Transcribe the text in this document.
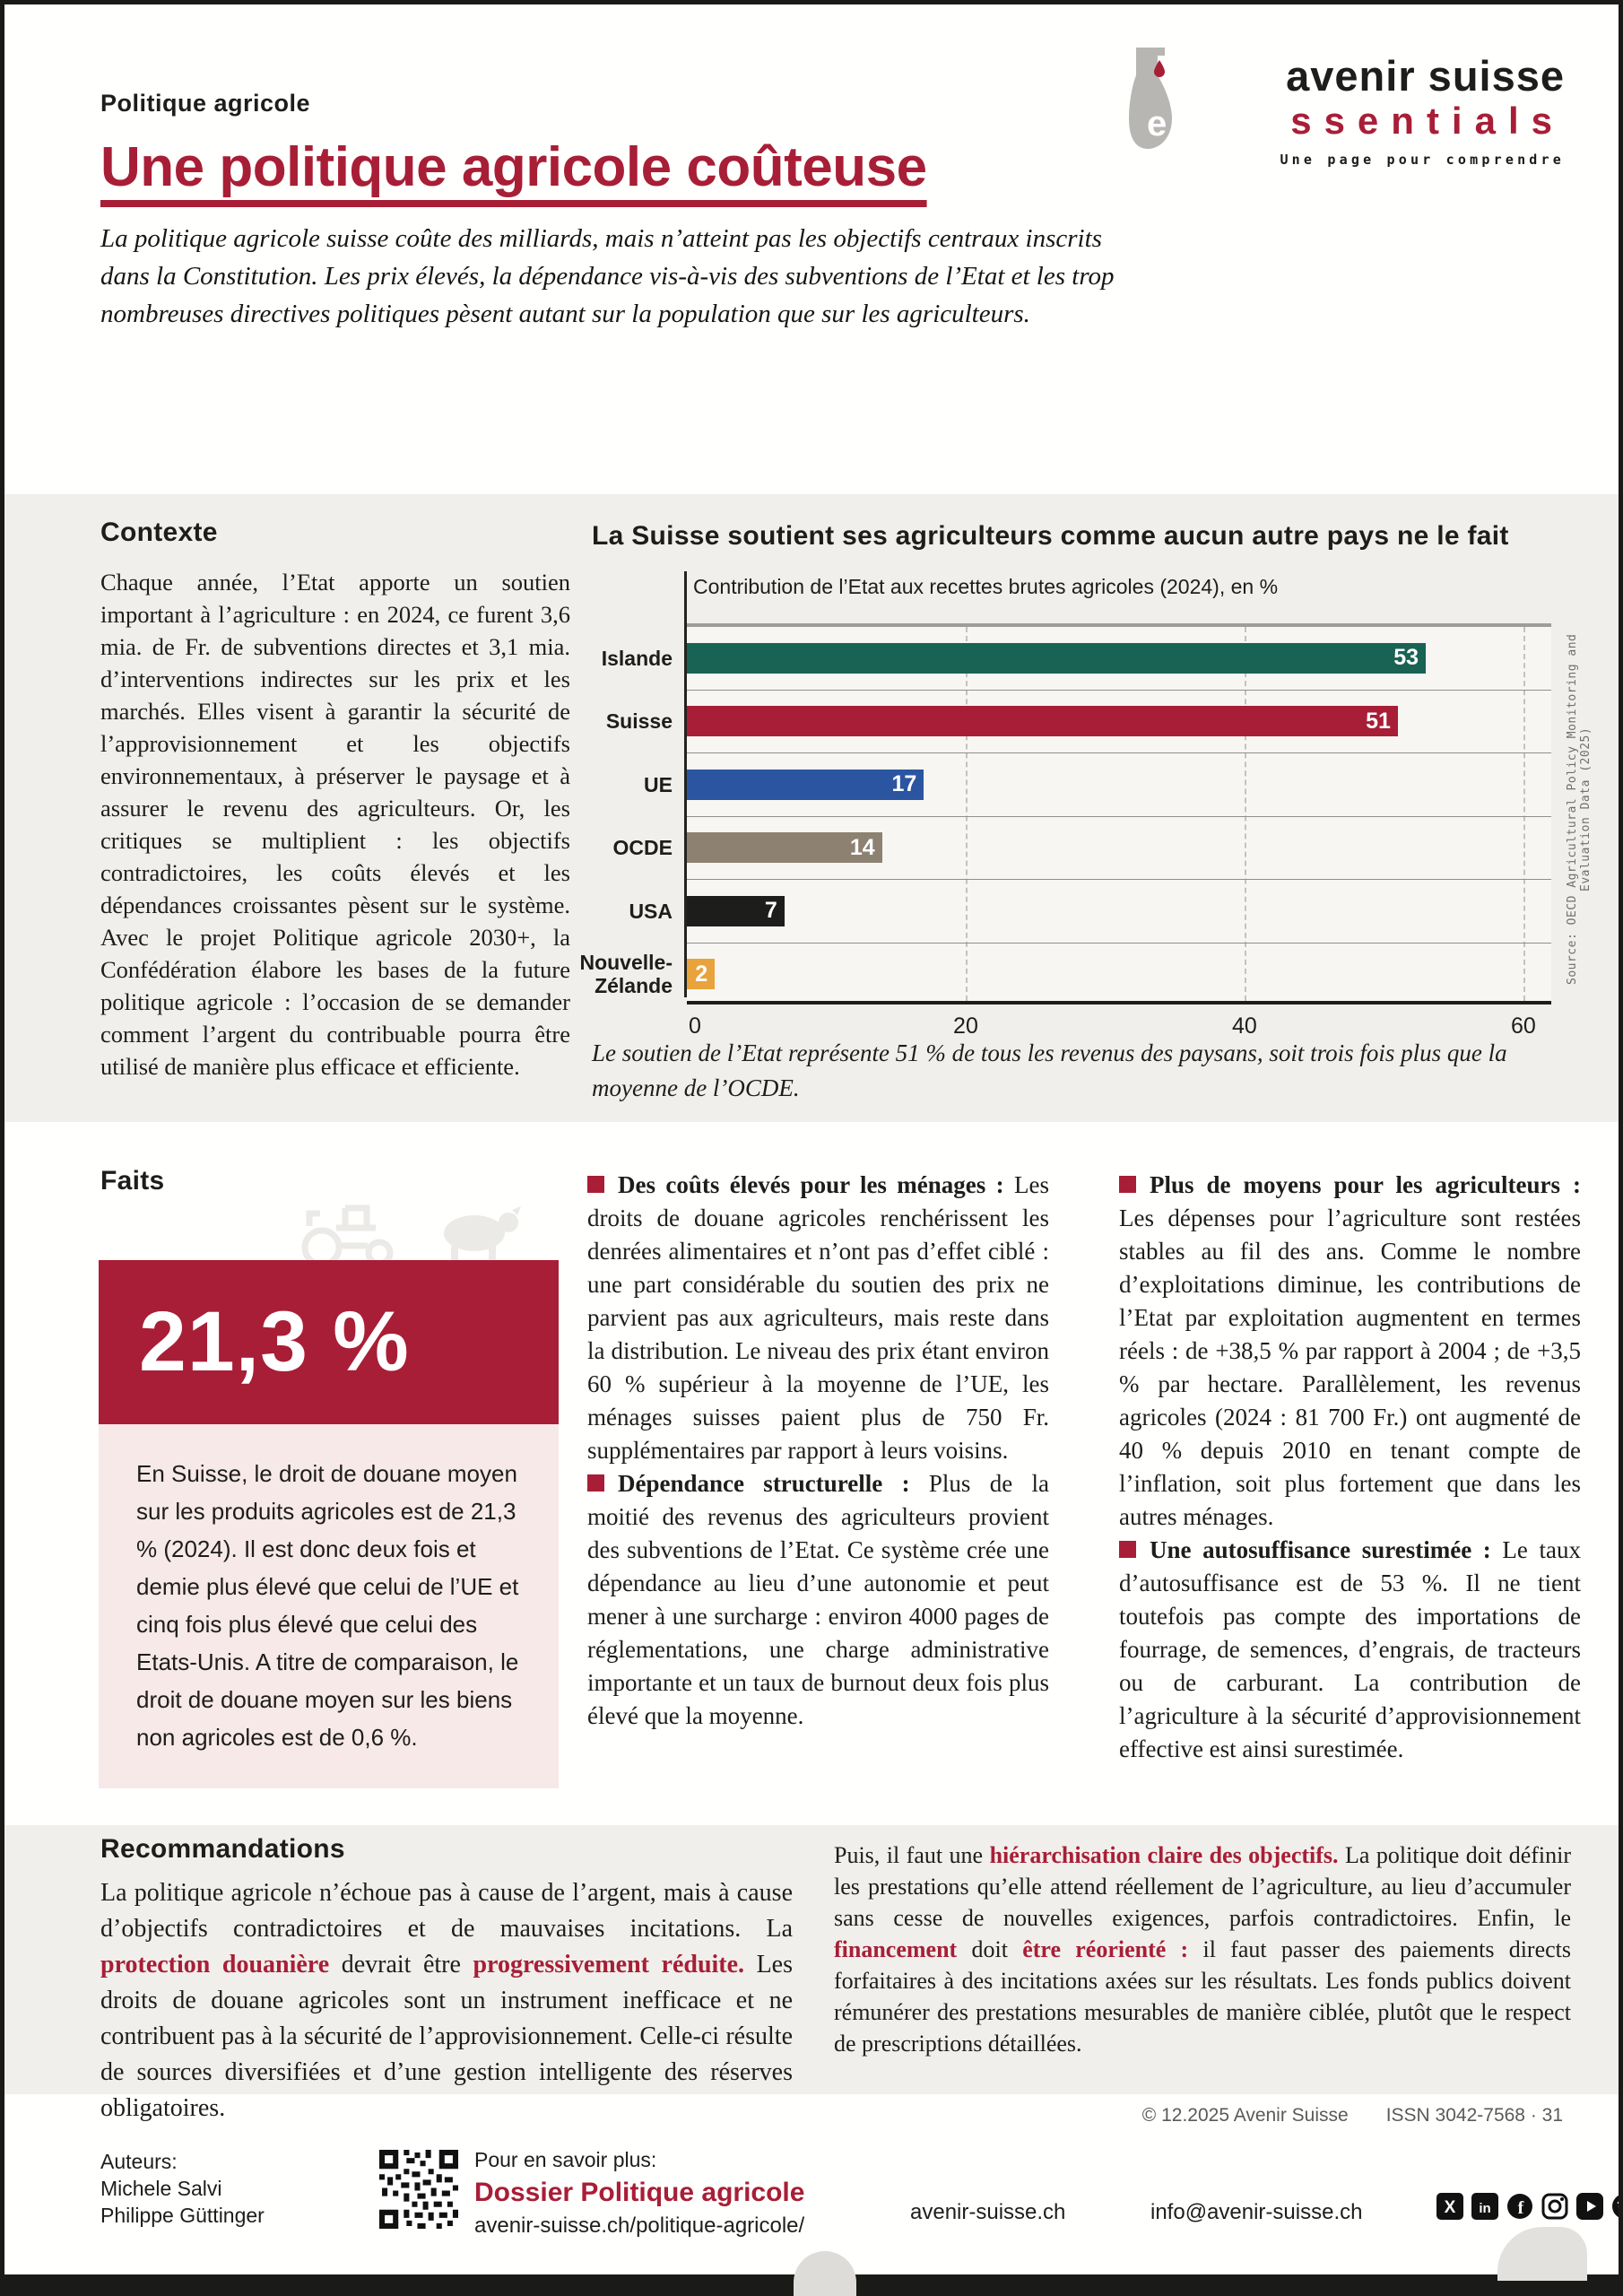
Politique agricole
e
avenir suisse
ssentials
Une page pour comprendre
Une politique agricole coûteuse

La politique agricole suisse coûte des milliards, mais n’atteint pas les objectifs centraux inscrits dans la Constitution. Les prix élevés, la dépendance vis-à-vis des subventions de l’Etat et les trop nombreuses directives politiques pèsent autant sur la population que sur les agriculteurs.

Contexte
Chaque année, l’Etat apporte un soutien important à l’agriculture : en 2024, ce furent 3,6 mia. de Fr. de subventions directes et 3,1 mia. d’interventions indirectes sur les prix et les marchés. Elles visent à garantir la sécurité de l’approvisionnement et les objectifs environnementaux, à préserver le paysage et à assurer le revenu des agriculteurs. Or, les critiques se multiplient : les objectifs contradictoires, les coûts élevés et les dépendances croissantes pèsent sur le système. Avec le projet Politique agricole 2030+, la Confédération élabore les bases de la future politique agricole : l’occasion de se demander comment l’argent du contribuable pourra être utilisé de manière plus efficace et efficiente.
La Suisse soutient ses agriculteurs comme aucun autre pays ne le fait
Contribution de l’Etat aux recettes brutes agricoles (2024), en %
Islande	53
Suisse	51
UE	17
OCDE	14
USA	7
Nouvelle-Zélande 2
0	20	40	60
Source: OECD Agricultural Policy Monitoring and Evaluation Data (2025)
Le soutien de l’Etat représente 51 % de tous les revenus des paysans, soit trois fois plus que la moyenne de l’OCDE.
Faits
21,3 %
En Suisse, le droit de douane moyen sur les produits agricoles est de 21,3 % (2024). Il est donc deux fois et demie plus élevé que celui de l’UE et cinq fois plus élevé que celui des Etats-Unis. A titre de comparaison, le droit de douane moyen sur les biens non agricoles est de 0,6 %.

Des coûts élevés pour les ménages : Les droits de douane agricoles renchérissent les denrées alimentaires et n’ont pas d’effet ciblé : une part considérable du soutien des prix ne parvient pas aux agriculteurs, mais reste dans la distribution. Le niveau des prix étant environ 60 % supérieur à la moyenne de l’UE, les ménages suisses paient plus de 750 Fr. supplémentaires par rapport à leurs voisins.

Dépendance structurelle : Plus de la moitié des revenus des agriculteurs provient des subventions de l’Etat. Ce système crée une dépendance au lieu d’une autonomie et peut mener à une surcharge : environ 4000 pages de réglementations, une charge administrative importante et un taux de burnout deux fois plus élevé que la moyenne.

Plus de moyens pour les agriculteurs : Les dépenses pour l’agriculture sont restées stables au fil des ans. Comme le nombre d’exploitations diminue, les contributions de l’Etat par exploitation augmentent en termes réels : de +38,5 % par rapport à 2004 ; de +3,5 % par hectare. Parallèlement, les revenus agricoles (2024 : 81 700 Fr.) ont augmenté de 40 % depuis 2010 en tenant compte de l’inflation, soit plus fortement que dans les autres ménages.

Une autosuffisance surestimée : Le taux d’autosuffisance est de 53 %. Il ne tient toutefois pas compte des importations de fourrage, de semences, d’engrais, de tracteurs ou de carburant. La contribution de l’agriculture à la sécurité d’approvisionnement effective est ainsi surestimée.

Recommandations
La politique agricole n’échoue pas à cause de l’argent, mais à cause d’objectifs contradictoires et de mauvaises incitations. La protection douanière devrait être progressivement réduite. Les droits de douane agricoles sont un instrument inefficace et ne contribuent pas à la sécurité de l’approvisionnement. Celle-ci résulte de sources diversifiées et d’une gestion intelligente des réserves obligatoires.
Puis, il faut une hiérarchisation claire des objectifs. La politique doit définir les prestations qu’elle attend réellement de l’agriculture, au lieu d’accumuler sans cesse de nouvelles exigences, parfois contradictoires. Enfin, le financement doit être réorienté : il faut passer des paiements directs forfaitaires à des incitations axées sur les résultats. Les fonds publics doivent rémunérer des prestations mesurables de manière ciblée, plutôt que le respect de prescriptions détaillées.
© 12.2025 Avenir Suisse ISSN 3042-7568 · 31
Auteurs:
Michele Salvi
Philippe Güttinger
Pour en savoir plus:
Dossier Politique agricole
avenir-suisse.ch/politique-agricole/
avenir-suisse.ch	info@avenir-suisse.ch	X in f
